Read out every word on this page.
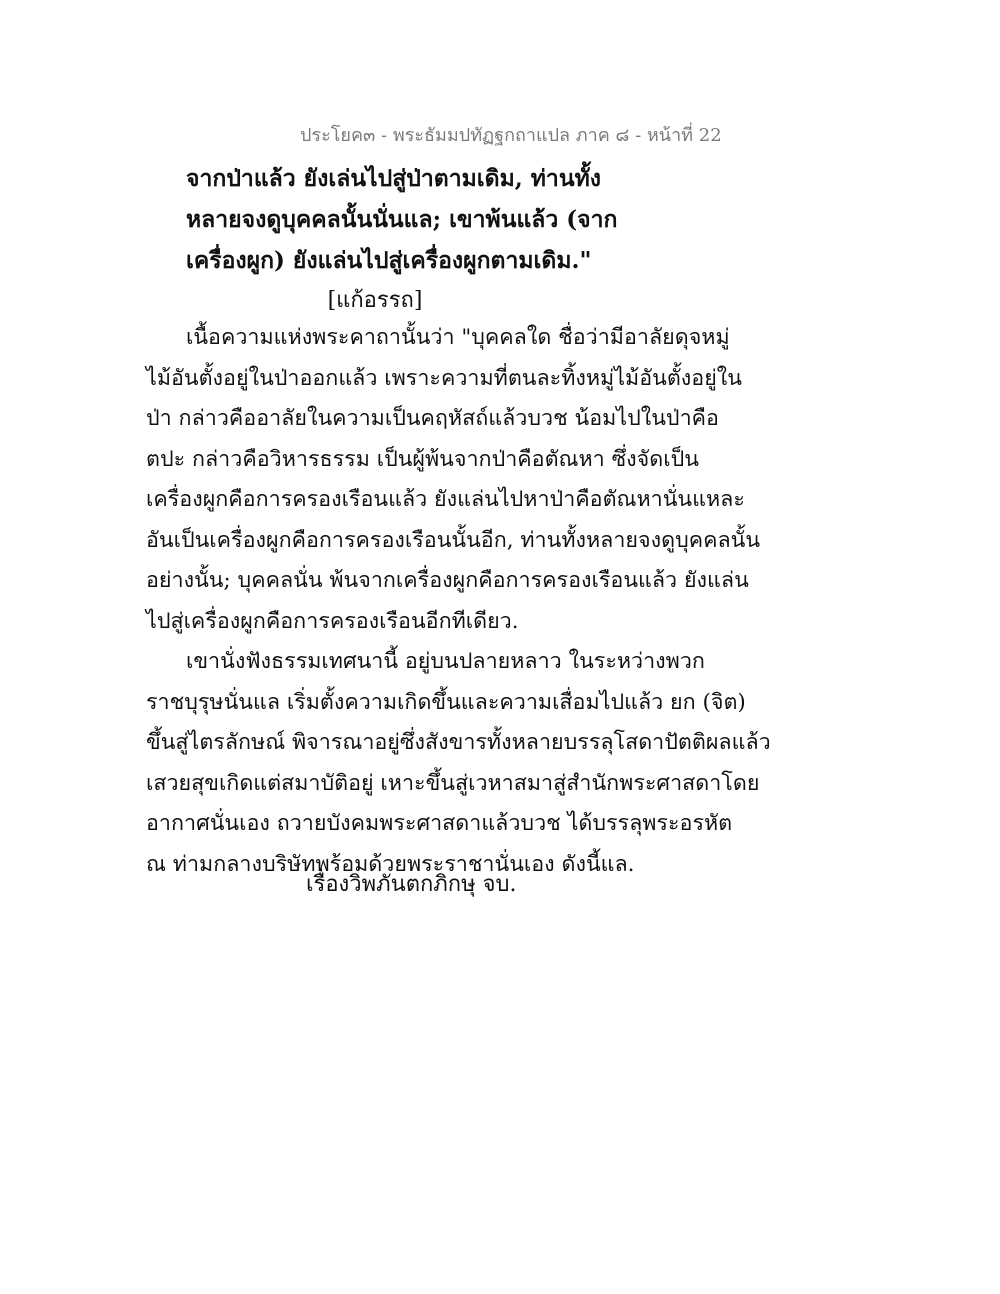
ประโยค๓ - พระธัมมปทัฏฐกถาแปล ภาค ๘ - หน้าที่ 22
จากป่าแล้ว ยังเล่นไปสู่ป่าตามเดิม, ท่านทั้ง
หลายจงดูบุคคลนั้นนั่นแล; เขาพ้นแล้ว (จาก
เครื่องผูก) ยังแล่นไปสู่เครื่องผูกตามเดิม."
[แก้อรรถ]
เนื้อความแห่งพระคาถานั้นว่า "บุคคลใด ชื่อว่ามีอาลัยดุจหมู่
ไม้อันตั้งอยู่ในป่าออกแล้ว เพราะความที่ตนละทิ้งหมู่ไม้อันตั้งอยู่ใน
ป่า กล่าวคืออาลัยในความเป็นคฤหัสถ์แล้วบวช น้อมไปในป่าคือ
ตปะ กล่าวคือวิหารธรรม เป็นผู้พ้นจากป่าคือตัณหา ซึ่งจัดเป็น
เครื่องผูกคือการครองเรือนแล้ว ยังแล่นไปหาป่าคือตัณหานั่นแหละ
อันเป็นเครื่องผูกคือการครองเรือนนั้นอีก, ท่านทั้งหลายจงดูบุคคลนั้น
อย่างนั้น; บุคคลนั่น พ้นจากเครื่องผูกคือการครองเรือนแล้ว ยังแล่น
ไปสู่เครื่องผูกคือการครองเรือนอีกทีเดียว.
เขานั่งฟังธรรมเทศนานี้ อยู่บนปลายหลาว ในระหว่างพวก
ราชบุรุษนั่นแล เริ่มตั้งความเกิดขึ้นและความเสื่อมไปแล้ว ยก (จิต)
ขึ้นสู่ไตรลักษณ์ พิจารณาอยู่ซึ่งสังขารทั้งหลายบรรลุโสดาปัตติผลแล้ว
เสวยสุขเกิดแต่สมาบัติอยู่ เหาะขึ้นสู่เวหาสมาสู่สำนักพระศาสดาโดย
อากาศนั่นเอง ถวายบังคมพระศาสดาแล้วบวช ได้บรรลุพระอรหัต
ณ ท่ามกลางบริษัทพร้อมด้วยพระราชานั่นเอง ดังนี้แล.
เรื่องวิพภันตกภิกษุ จบ.
